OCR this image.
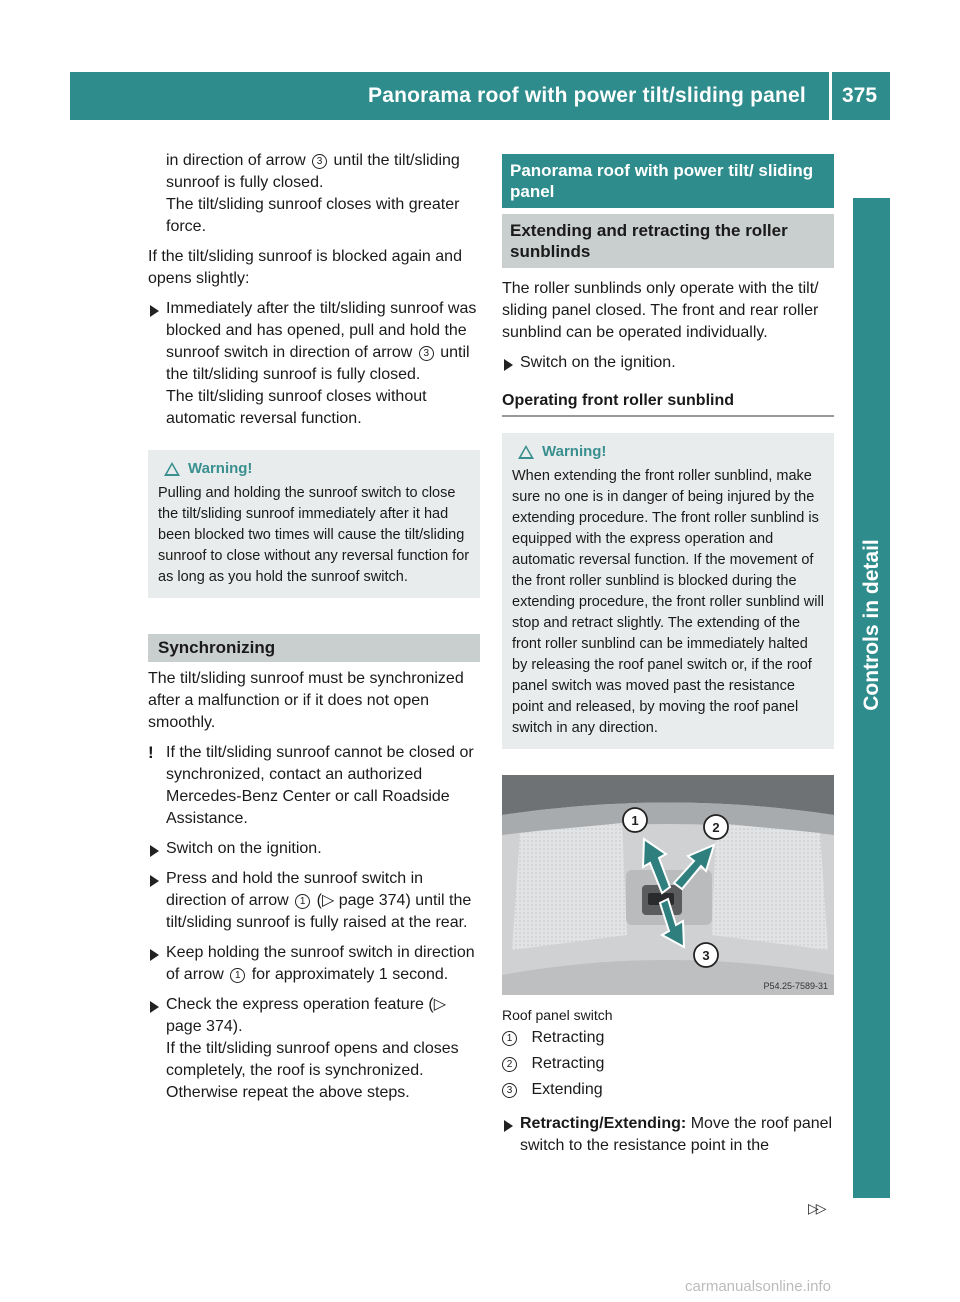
Panorama roof with power tilt/sliding panel 375
Controls in detail

in direction of arrow 3 until the tilt/sliding sunroof is fully closed.

The tilt/sliding sunroof closes with greater force.

If the tilt/sliding sunroof is blocked again and opens slightly:

Immediately after the tilt/sliding sunroof was blocked and has opened, pull and hold the sunroof switch in direction of arrow 3 until the tilt/sliding sunroof is fully closed.
The tilt/sliding sunroof closes without automatic reversal function.
Warning!
Pulling and holding the sunroof switch to close the tilt/sliding sunroof immediately after it had been blocked two times will cause the tilt/sliding sunroof to close without any reversal function for as long as you hold the sunroof switch.
Synchronizing

The tilt/sliding sunroof must be synchronized after a malfunction or if it does not open smoothly.

! If the tilt/sliding sunroof cannot be closed or synchronized, contact an authorized Mercedes-Benz Center or call Roadside Assistance.

Switch on the ignition.
Press and hold the sunroof switch in direction of arrow 1 (▷ page 374) until the tilt/sliding sunroof is fully raised at the rear.
Keep holding the sunroof switch in direction of arrow 1 for approximately 1 second.
Check the express operation feature (▷ page 374).
If the tilt/sliding sunroof opens and closes completely, the roof is synchronized. Otherwise repeat the above steps.
Panorama roof with power tilt/ sliding panel
Extending and retracting the roller sunblinds

The roller sunblinds only operate with the tilt/ sliding panel closed. The front and rear roller sunblind can be operated individually.

Switch on the ignition.
Operating front roller sunblind
Warning!
When extending the front roller sunblind, make sure no one is in danger of being injured by the extending procedure. The front roller sunblind is equipped with the express operation and automatic reversal function. If the movement of the front roller sunblind is blocked during the extending procedure, the front roller sunblind will stop and retract slightly. The extending of the front roller sunblind can be immediately halted by releasing the roof panel switch or, if the roof panel switch was moved past the resistance point and released, by moving the roof panel switch in any direction.
1	2
3
P54.25-7589-31
Roof panel switch
1 Retracting
2 Retracting
3 Extending
Retracting/Extending: Move the roof panel switch to the resistance point in the
▷▷
carmanualsonline.info
